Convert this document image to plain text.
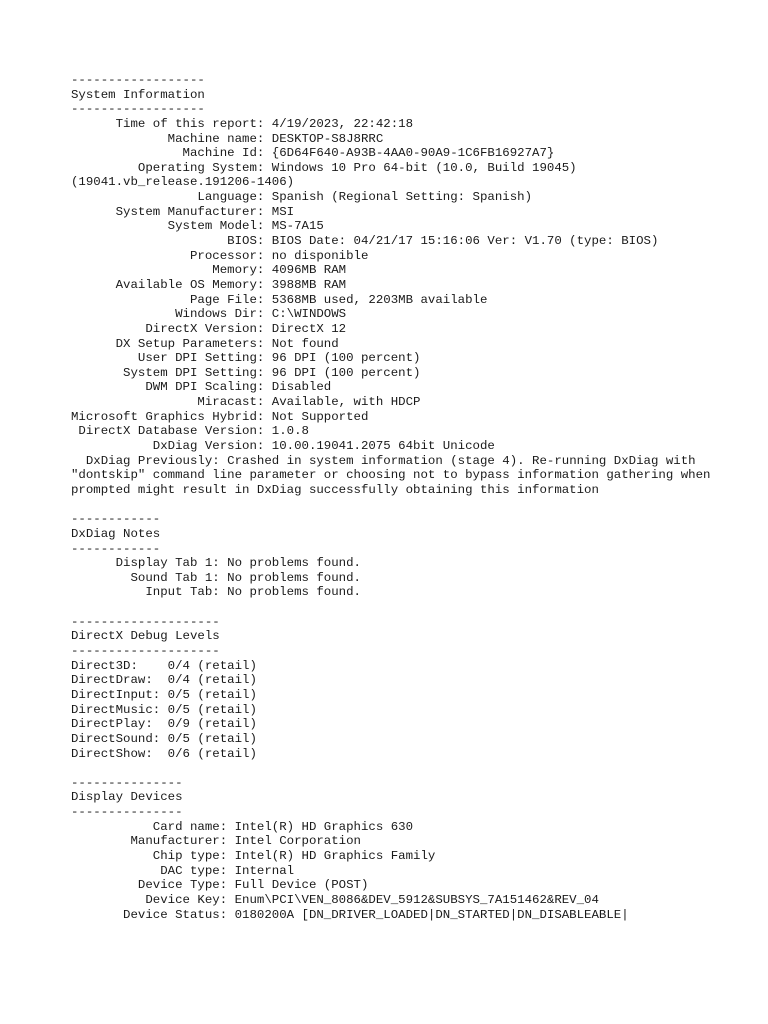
------------------
System Information
------------------
Time of this report: 4/19/2023, 22:42:18
Machine name: DESKTOP-S8J8RRC
Machine Id: {6D64F640-A93B-4AA0-90A9-1C6FB16927A7}
Operating System: Windows 10 Pro 64-bit (10.0, Build 19045)
(19041.vb_release.191206-1406)
Language: Spanish (Regional Setting: Spanish)
System Manufacturer: MSI
System Model: MS-7A15
BIOS: BIOS Date: 04/21/17 15:16:06 Ver: V1.70 (type: BIOS)
Processor: no disponible
Memory: 4096MB RAM
Available OS Memory: 3988MB RAM
Page File: 5368MB used, 2203MB available
Windows Dir: C:\WINDOWS
DirectX Version: DirectX 12
DX Setup Parameters: Not found
User DPI Setting: 96 DPI (100 percent)
System DPI Setting: 96 DPI (100 percent)
DWM DPI Scaling: Disabled
Miracast: Available, with HDCP
Microsoft Graphics Hybrid: Not Supported
DirectX Database Version: 1.0.8
DxDiag Version: 10.00.19041.2075 64bit Unicode
DxDiag Previously: Crashed in system information (stage 4). Re-running DxDiag with "dontskip" command line parameter or choosing not to bypass information gathering when prompted might result in DxDiag successfully obtaining this information
------------
DxDiag Notes
------------
Display Tab 1: No problems found.
Sound Tab 1: No problems found.
Input Tab: No problems found.
--------------------
DirectX Debug Levels
--------------------
Direct3D:    0/4 (retail)
DirectDraw:  0/4 (retail)
DirectInput: 0/5 (retail)
DirectMusic: 0/5 (retail)
DirectPlay:  0/9 (retail)
DirectSound: 0/5 (retail)
DirectShow:  0/6 (retail)
---------------
Display Devices
---------------
Card name: Intel(R) HD Graphics 630
Manufacturer: Intel Corporation
Chip type: Intel(R) HD Graphics Family
DAC type: Internal
Device Type: Full Device (POST)
Device Key: Enum\PCI\VEN_8086&DEV_5912&SUBSYS_7A151462&REV_04
Device Status: 0180200A [DN_DRIVER_LOADED|DN_STARTED|DN_DISABLEABLE|
